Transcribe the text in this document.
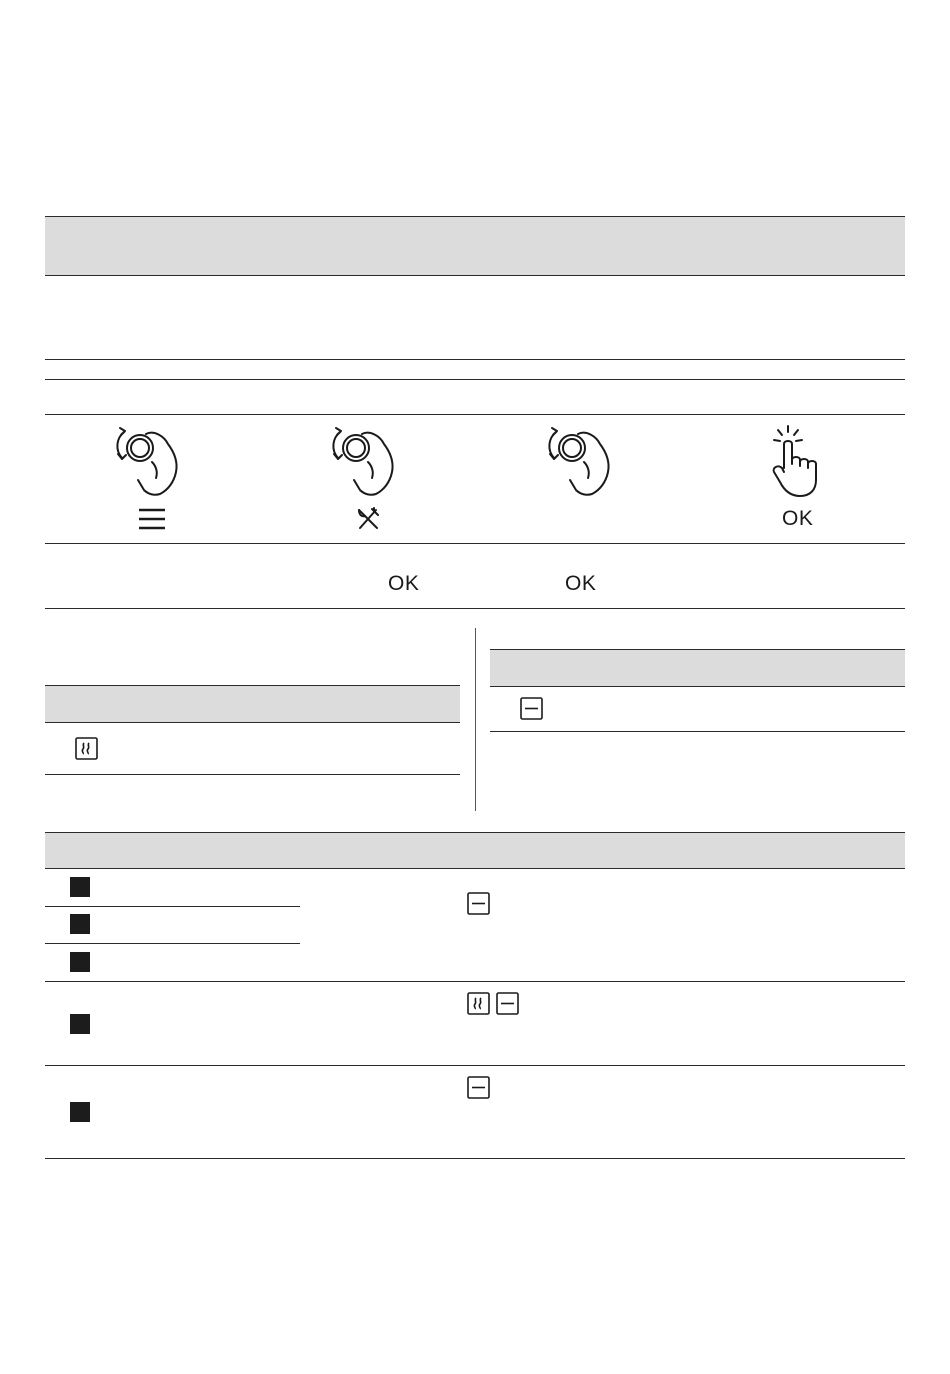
OK
OK	OK
